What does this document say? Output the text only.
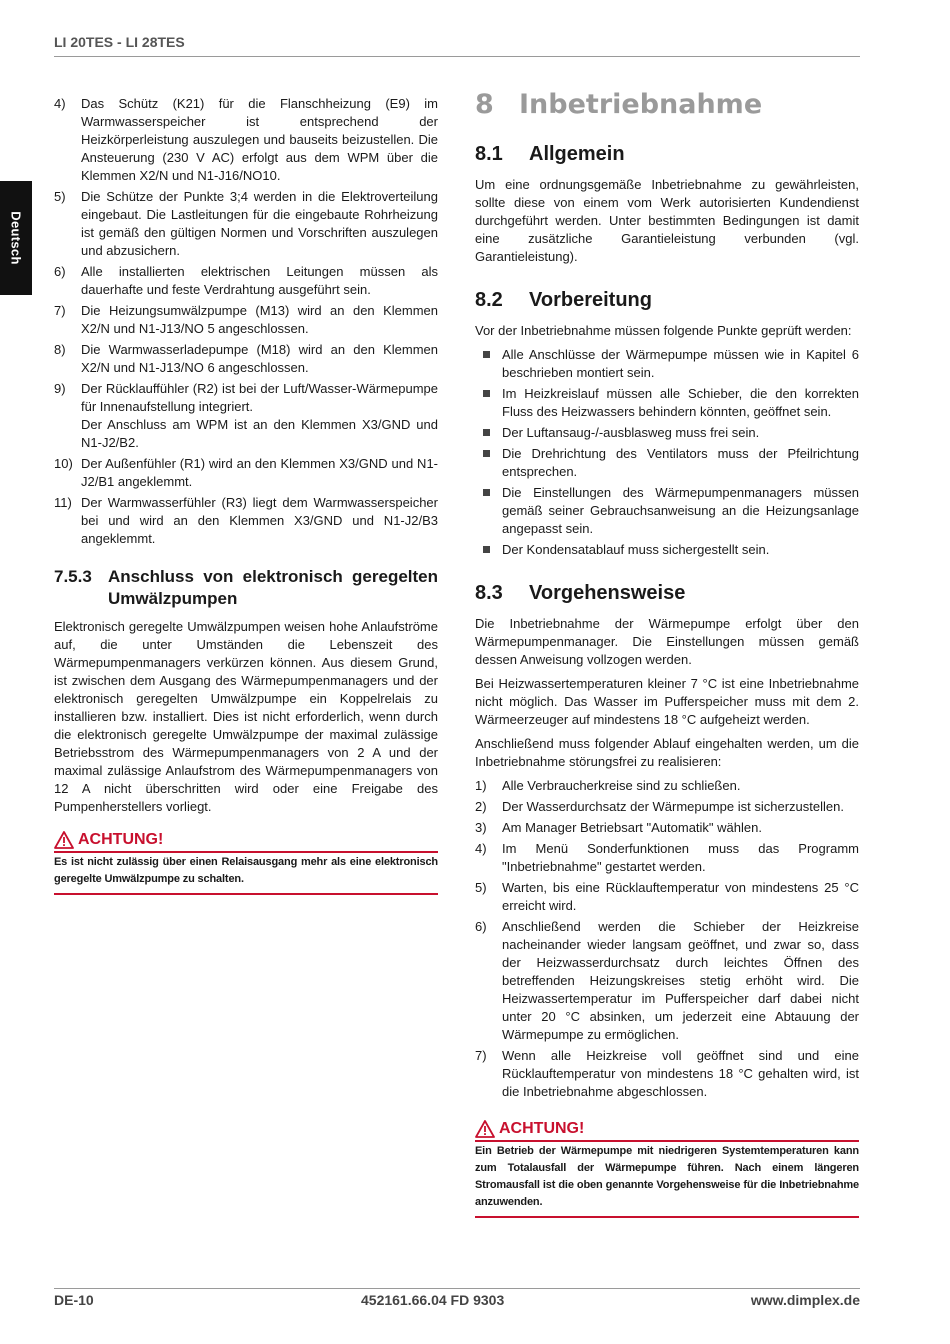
LI 20TES - LI 28TES
Deutsch
4) Das Schütz (K21) für die Flanschheizung (E9) im Warmwasserspeicher ist entsprechend der Heizkörperleistung auszulegen und bauseits beizustellen. Die Ansteuerung (230 V AC) erfolgt aus dem WPM über die Klemmen X2/N und N1-J16/NO10.
5) Die Schütze der Punkte 3;4 werden in die Elektroverteilung eingebaut. Die Lastleitungen für die eingebaute Rohrheizung ist gemäß den gültigen Normen und Vorschriften auszulegen und abzusichern.
6) Alle installierten elektrischen Leitungen müssen als dauerhafte und feste Verdrahtung ausgeführt sein.
7) Die Heizungsumwälzpumpe (M13) wird an den Klemmen X2/N und N1-J13/NO 5 angeschlossen.
8) Die Warmwasserladepumpe (M18) wird an den Klemmen X2/N und N1-J13/NO 6 angeschlossen.
9) Der Rücklauffühler (R2) ist bei der Luft/Wasser-Wärmepumpe für Innenaufstellung integriert.
Der Anschluss am WPM ist an den Klemmen X3/GND und N1-J2/B2.
10) Der Außenfühler (R1) wird an den Klemmen X3/GND und N1-J2/B1 angeklemmt.
11) Der Warmwasserfühler (R3) liegt dem Warmwasserspeicher bei und wird an den Klemmen X3/GND und N1-J2/B3 angeklemmt.
7.5.3 Anschluss von elektronisch geregelten Umwälzpumpen

Elektronisch geregelte Umwälzpumpen weisen hohe Anlaufströme auf, die unter Umständen die Lebenszeit des Wärmepumpenmanagers verkürzen können. Aus diesem Grund, ist zwischen dem Ausgang des Wärmepumpenmanagers und der elektronisch geregelten Umwälzpumpe ein Koppelrelais zu installieren bzw. installiert. Dies ist nicht erforderlich, wenn durch die elektronisch geregelte Umwälzpumpe der maximal zulässige Betriebsstrom des Wärmepumpenmanagers von 2 A und der maximal zulässige Anlaufstrom des Wärmepumpenmanagers von 12 A nicht überschritten wird oder eine Freigabe des Pumpenherstellers vorliegt.

ACHTUNG!
Es ist nicht zulässig über einen Relaisausgang mehr als eine elektronisch geregelte Umwälzpumpe zu schalten.
8 Inbetriebnahme
8.1 Allgemein

Um eine ordnungsgemäße Inbetriebnahme zu gewährleisten, sollte diese von einem vom Werk autorisierten Kundendienst durchgeführt werden. Unter bestimmten Bedingungen ist damit eine zusätzliche Garantieleistung verbunden (vgl. Garantieleistung).

8.2 Vorbereitung

Vor der Inbetriebnahme müssen folgende Punkte geprüft werden:

Alle Anschlüsse der Wärmepumpe müssen wie in Kapitel 6 beschrieben montiert sein.
Im Heizkreislauf müssen alle Schieber, die den korrekten Fluss des Heizwassers behindern könnten, geöffnet sein.
Der Luftansaug-/-ausblasweg muss frei sein.
Die Drehrichtung des Ventilators muss der Pfeilrichtung entsprechen.
Die Einstellungen des Wärmepumpenmanagers müssen gemäß seiner Gebrauchsanweisung an die Heizungsanlage angepasst sein.
Der Kondensatablauf muss sichergestellt sein.
8.3 Vorgehensweise

Die Inbetriebnahme der Wärmepumpe erfolgt über den Wärmepumpenmanager. Die Einstellungen müssen gemäß dessen Anweisung vollzogen werden.

Bei Heizwassertemperaturen kleiner 7 °C ist eine Inbetriebnahme nicht möglich. Das Wasser im Pufferspeicher muss mit dem 2. Wärmeerzeuger auf mindestens 18 °C aufgeheizt werden.

Anschließend muss folgender Ablauf eingehalten werden, um die Inbetriebnahme störungsfrei zu realisieren:

1) Alle Verbraucherkreise sind zu schließen.
2) Der Wasserdurchsatz der Wärmepumpe ist sicherzustellen.
3) Am Manager Betriebsart "Automatik" wählen.
4) Im Menü Sonderfunktionen muss das Programm "Inbetriebnahme" gestartet werden.
5) Warten, bis eine Rücklauftemperatur von mindestens 25 °C erreicht wird.
6) Anschließend werden die Schieber der Heizkreise nacheinander wieder langsam geöffnet, und zwar so, dass der Heizwasserdurchsatz durch leichtes Öffnen des betreffenden Heizungskreises stetig erhöht wird. Die Heizwassertemperatur im Pufferspeicher darf dabei nicht unter 20 °C absinken, um jederzeit eine Abtauung der Wärmepumpe zu ermöglichen.
7) Wenn alle Heizkreise voll geöffnet sind und eine Rücklauftemperatur von mindestens 18 °C gehalten wird, ist die Inbetriebnahme abgeschlossen.
ACHTUNG!
Ein Betrieb der Wärmepumpe mit niedrigeren Systemtemperaturen kann zum Totalausfall der Wärmepumpe führen. Nach einem längeren Stromausfall ist die oben genannte Vorgehensweise für die Inbetriebnahme anzuwenden.
DE-10	452161.66.04 FD 9303	www.dimplex.de
